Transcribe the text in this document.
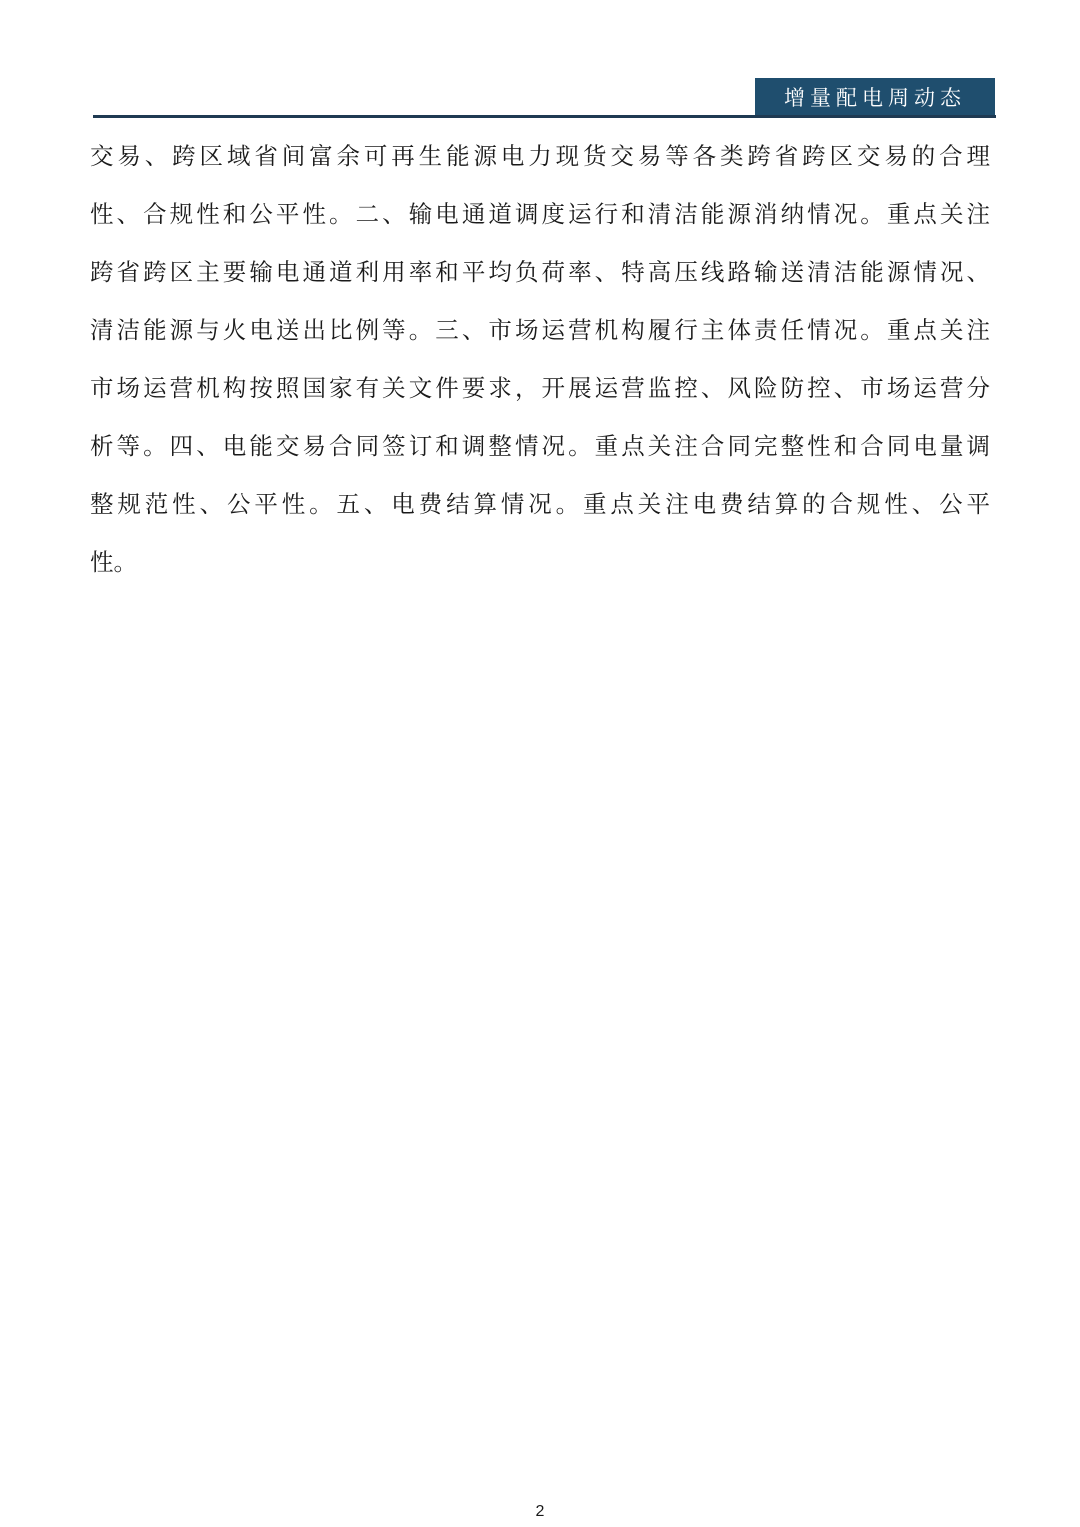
增量配电周动态
交易、跨区域省间富余可再生能源电力现货交易等各类跨省跨区交易的合理
性、合规性和公平性。二、输电通道调度运行和清洁能源消纳情况。重点关注
跨省跨区主要输电通道利用率和平均负荷率、特高压线路输送清洁能源情况、
清洁能源与火电送出比例等。三、市场运营机构履行主体责任情况。重点关注
市场运营机构按照国家有关文件要求，开展运营监控、风险防控、市场运营分
析等。四、电能交易合同签订和调整情况。重点关注合同完整性和合同电量调
整规范性、公平性。五、电费结算情况。重点关注电费结算的合规性、公平
性。
2
